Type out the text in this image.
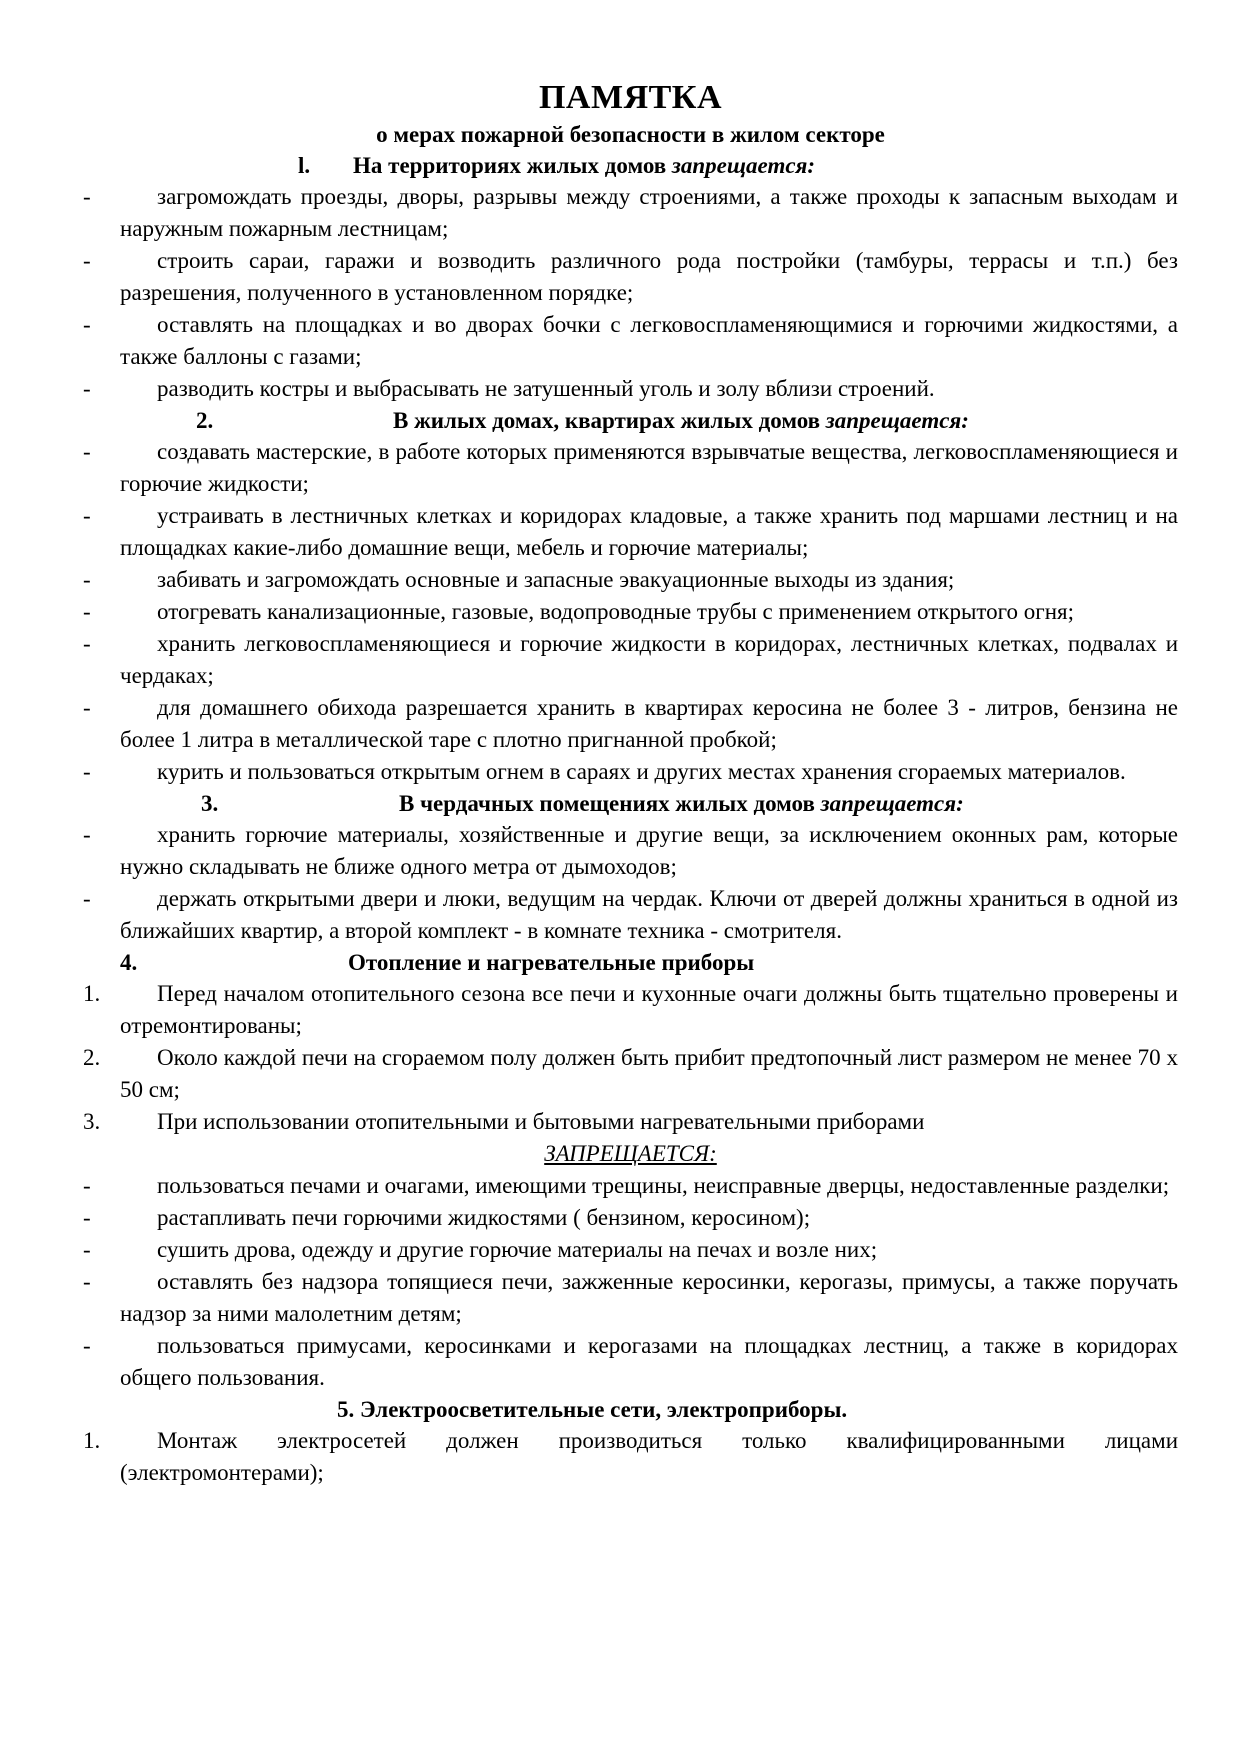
ПАМЯТКА
о мерах пожарной безопасности в жилом секторе
l. На территориях жилых домов запрещается:
-	загромождать проезды, дворы, разрывы между строениями, а также проходы к запасным выходам и наружным пожарным лестницам;
-	строить сараи, гаражи и возводить различного рода постройки (тамбуры, террасы и т.п.) без разрешения, полученного в установленном порядке;
-	оставлять на площадках и во дворах бочки с легковоспламеняющимися и горючими жидкостями, а также баллоны с газами;
-	разводить костры и выбрасывать не затушенный уголь и золу вблизи строений.
2.	В жилых домах, квартирах жилых домов запрещается:
-	создавать мастерские, в работе которых применяются взрывчатые вещества, легковоспламеняющиеся и горючие жидкости;
-	устраивать в лестничных клетках и коридорах кладовые, а также хранить под маршами лестниц и на площадках какие-либо домашние вещи, мебель и горючие материалы;
-	забивать и загромождать основные и запасные эвакуационные выходы из здания;
-	отогревать канализационные, газовые, водопроводные трубы с применением открытого огня;
-	хранить легковоспламеняющиеся и горючие жидкости в коридорах, лестничных клетках, подвалах и чердаках;
-	для домашнего обихода разрешается хранить в квартирах керосина не более 3 - литров, бензина не более 1 литра в металлической таре с плотно пригнанной пробкой;
-	курить и пользоваться открытым огнем в сараях и других местах хранения сгораемых материалов.
3.	В чердачных помещениях жилых домов запрещается:
-	хранить горючие материалы, хозяйственные и другие вещи, за исключением оконных рам, которые нужно складывать не ближе одного метра от дымоходов;
-	держать открытыми двери и люки, ведущим на чердак. Ключи от дверей должны храниться в одной из ближайших квартир, а второй комплект - в комнате техника - смотрителя.
4.	Отопление и нагревательные приборы
1. Перед началом отопительного сезона все печи и кухонные очаги должны быть тщательно проверены и отремонтированы;
2. Около каждой печи на сгораемом полу должен быть прибит предтопочный лист размером не менее 70 х 50 см;
3. При использовании отопительными и бытовыми нагревательными приборами
ЗАПРЕЩАЕТСЯ:
-	пользоваться печами и очагами, имеющими трещины, неисправные дверцы, недоставленные разделки;
-	растапливать печи горючими жидкостями ( бензином, керосином);
-	сушить дрова, одежду и другие горючие материалы на печах и возле них;
-	оставлять без надзора топящиеся печи, зажженные керосинки, керогазы, примусы, а также поручать надзор за ними малолетним детям;
-	пользоваться примусами, керосинками и керогазами на площадках лестниц, а также в коридорах общего пользования.
5. Электроосветительные сети, электроприборы.
1. Монтаж электросетей должен производиться только квалифицированными лицами (электромонтерами);
